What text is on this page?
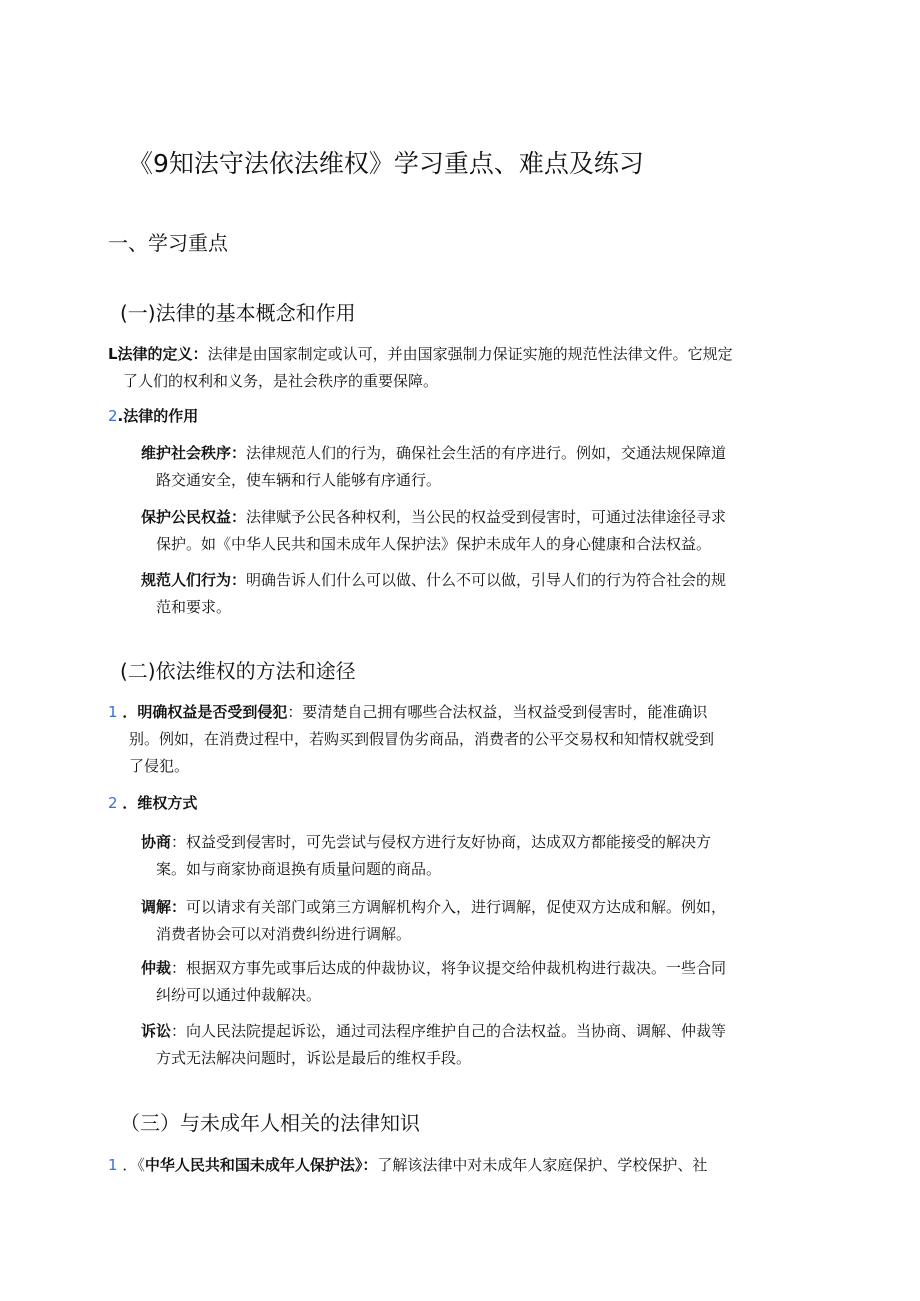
《9知法守法依法维权》学习重点、难点及练习
一、学习重点
(一)法律的基本概念和作用
L法律的定义：法律是由国家制定或认可，并由国家强制力保证实施的规范性法律文件。它规定
了人们的权利和义务，是社会秩序的重要保障。
2.法律的作用
维护社会秩序：法律规范人们的行为，确保社会生活的有序进行。例如，交通法规保障道
路交通安全，使车辆和行人能够有序通行。
保护公民权益：法律赋予公民各种权利，当公民的权益受到侵害时，可通过法律途径寻求
保护。如《中华人民共和国未成年人保护法》保护未成年人的身心健康和合法权益。
规范人们行为：明确告诉人们什么可以做、什么不可以做，引导人们的行为符合社会的规
范和要求。
(二)依法维权的方法和途径
1 ．明确权益是否受到侵犯：要清楚自己拥有哪些合法权益，当权益受到侵害时，能准确识
别。例如，在消费过程中，若购买到假冒伪劣商品，消费者的公平交易权和知情权就受到
了侵犯。
2 ．维权方式
协商：权益受到侵害时，可先尝试与侵权方进行友好协商，达成双方都能接受的解决方
案。如与商家协商退换有质量问题的商品。
调解：可以请求有关部门或第三方调解机构介入，进行调解，促使双方达成和解。例如，
消费者协会可以对消费纠纷进行调解。
仲裁：根据双方事先或事后达成的仲裁协议，将争议提交给仲裁机构进行裁决。一些合同
纠纷可以通过仲裁解决。
诉讼：向人民法院提起诉讼，通过司法程序维护自己的合法权益。当协商、调解、仲裁等
方式无法解决问题时，诉讼是最后的维权手段。
（三）与未成年人相关的法律知识
1 ．《中华人民共和国未成年人保护法》：了解该法律中对未成年人家庭保护、学校保护、社
